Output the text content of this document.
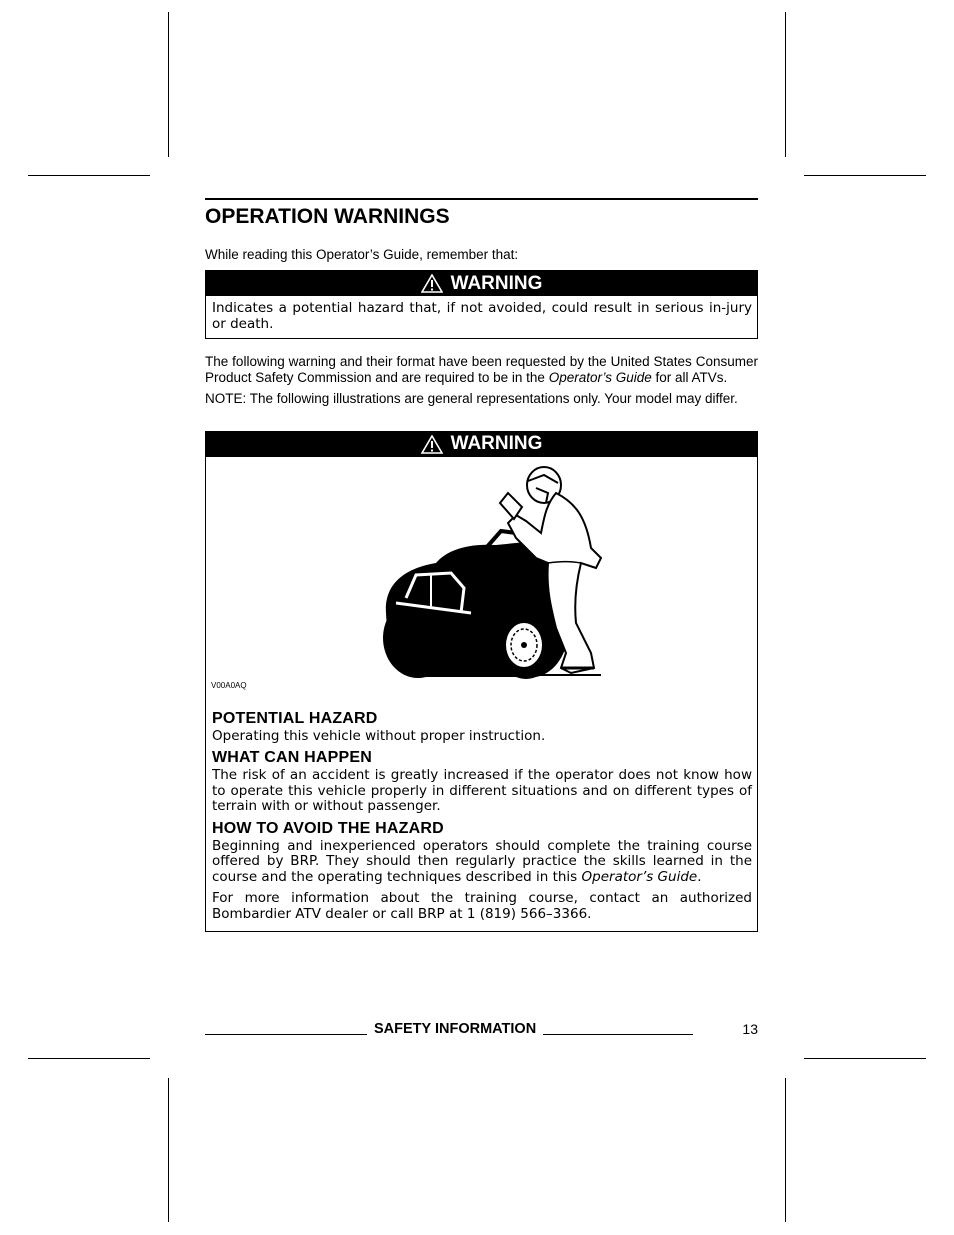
OPERATION WARNINGS
While reading this Operator’s Guide, remember that:
WARNING
Indicates a potential hazard that, if not avoided, could result in serious in-jury or death.
The following warning and their format have been requested by the United States Consumer Product Safety Commission and are required to be in the Operator’s Guide for all ATVs.
NOTE: The following illustrations are general representations only. Your model may differ.
WARNING
V00A0AQ
POTENTIAL HAZARD
Operating this vehicle without proper instruction.
WHAT CAN HAPPEN
The risk of an accident is greatly increased if the operator does not know how to operate this vehicle properly in different situations and on different types of terrain with or without passenger.
HOW TO AVOID THE HAZARD
Beginning and inexperienced operators should complete the training course offered by BRP. They should then regularly practice the skills learned in the course and the operating techniques described in this Operator’s Guide.
For more information about the training course, contact an authorized Bombardier ATV dealer or call BRP at 1 (819) 566–3366.
SAFETY INFORMATION	13
